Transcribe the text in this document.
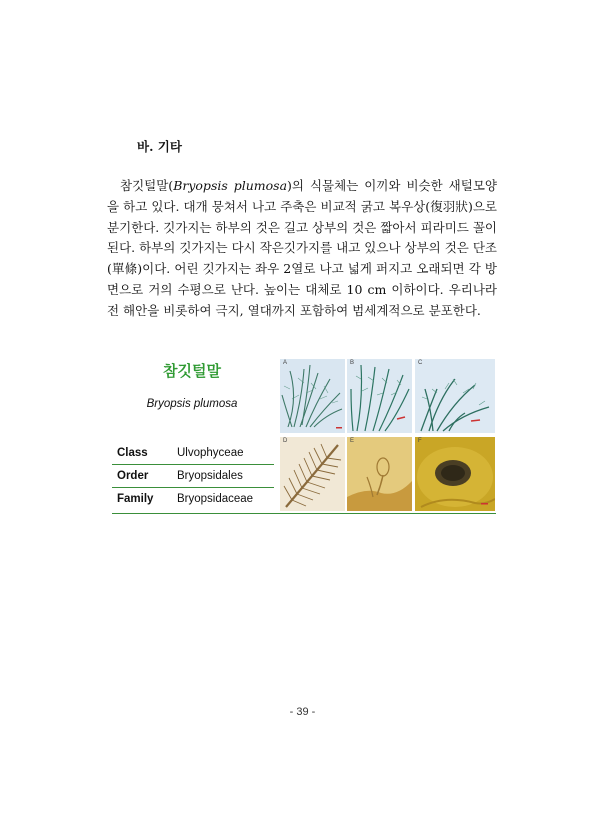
바. 기타

참깃털말(Bryopsis plumosa)의 식물체는 이끼와 비슷한 새털모양을 하고 있다. 대개 뭉쳐서 나고 주축은 비교적 굵고 복우상(復羽狀)으로 분기한다. 깃가지는 하부의 것은 길고 상부의 것은 짧아서 피라미드 꼴이 된다. 하부의 깃가지는 다시 작은깃가지를 내고 있으나 상부의 것은 단조(單條)이다. 어린 깃가지는 좌우 2열로 나고 넓게 퍼지고 오래되면 각 방면으로 거의 수평으로 난다. 높이는 대체로 10 cm 이하이다. 우리나라 전 해안을 비롯하여 극지, 열대까지 포함하여 범세계적으로 분포한다.

참깃털말
Bryopsis plumosa
Class	Ulvophyceae
Order	Bryopsidales
Family	Bryopsidaceae
A	B	C
D	E	F
- 39 -
